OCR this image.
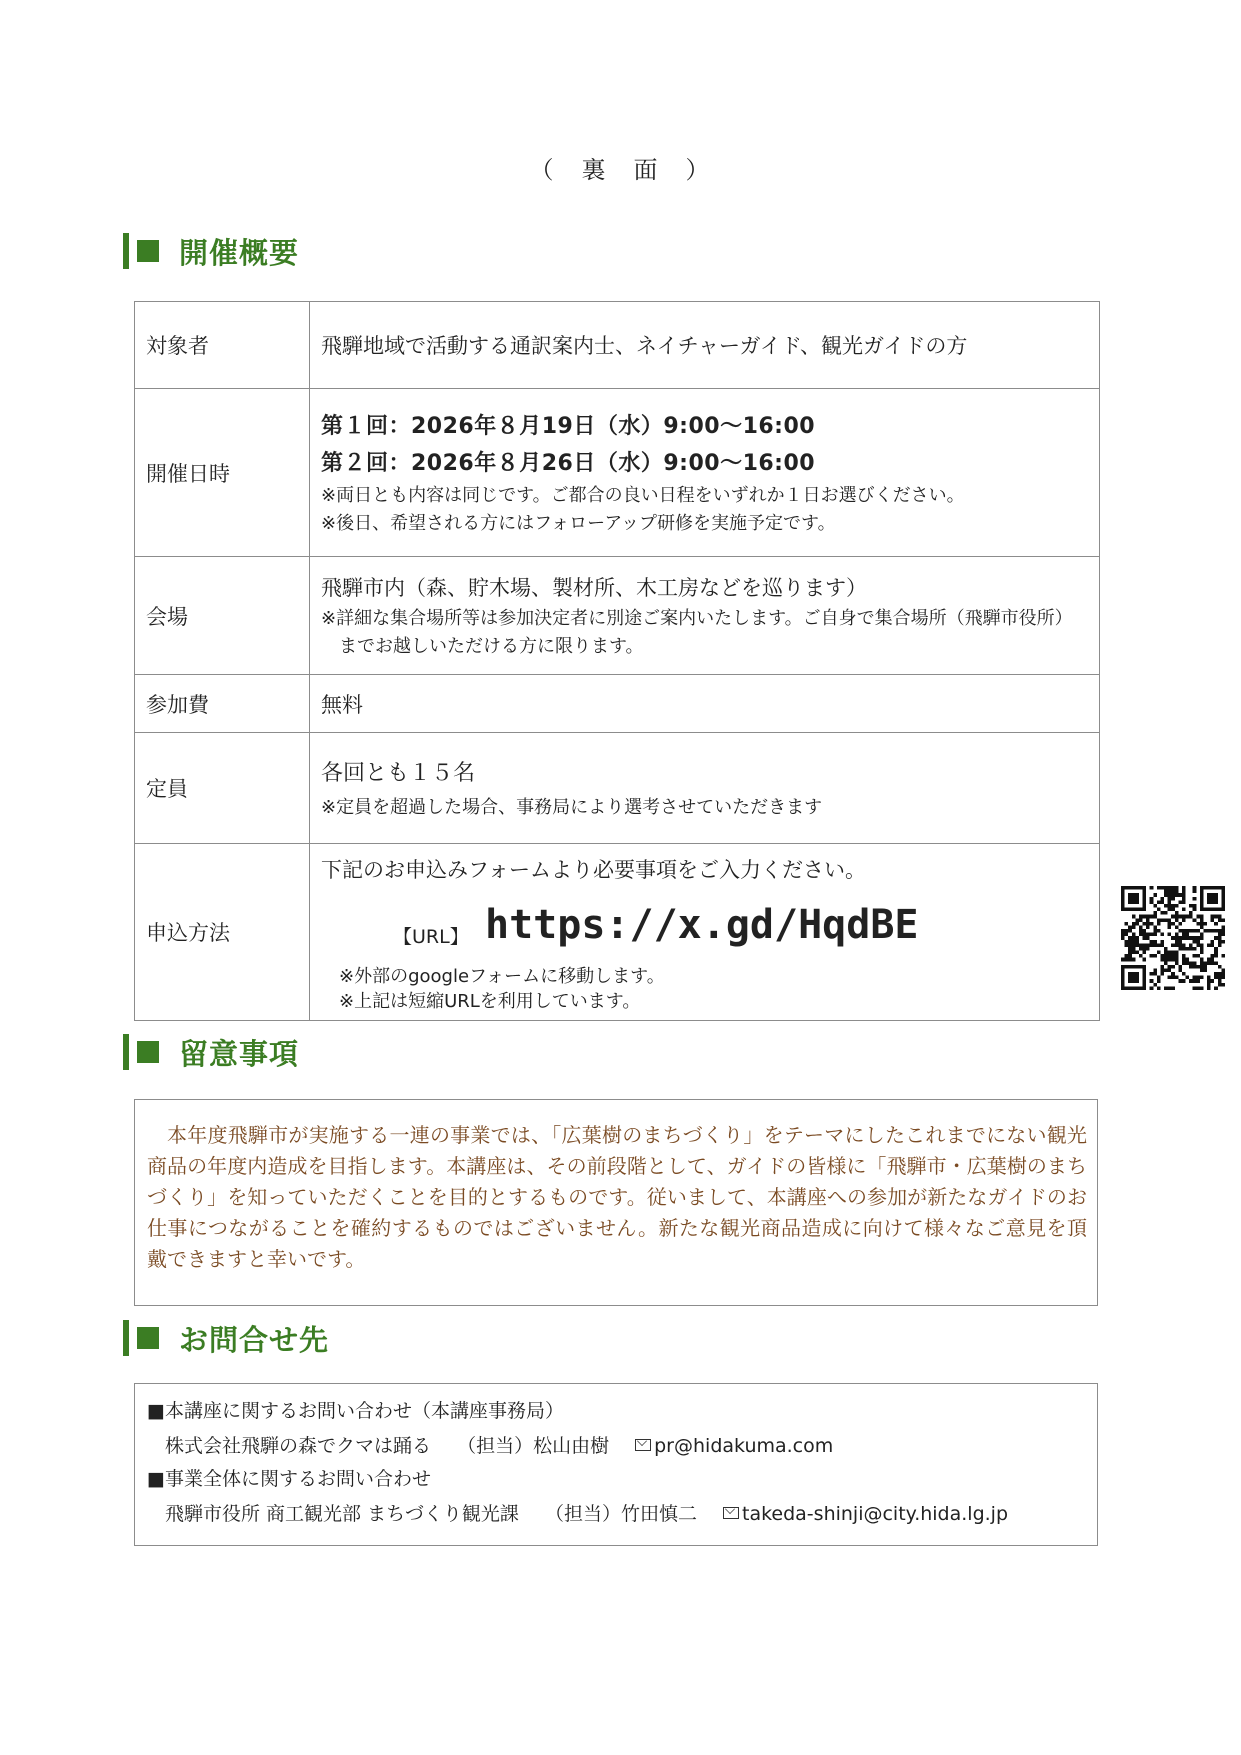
（　裏　面　）
開催概要
対象者	飛騨地域で活動する通訳案内士、ネイチャーガイド、観光ガイドの方
開催日時	第１回：2026年８月19日（水）9:00～16:00
第２回：2026年８月26日（水）9:00～16:00
※両日とも内容は同じです。ご都合の良い日程をいずれか１日お選びください。
※後日、希望される方にはフォローアップ研修を実施予定です。

会場	飛騨市内（森、貯木場、製材所、木工房などを巡ります）
※詳細な集合場所等は参加決定者に別途ご案内いたします。ご自身で集合場所（飛騨市役所）
までお越しいただける方に限ります。

参加費	無料
定員	各回とも１５名
※定員を超過した場合、事務局により選考させていただきます

申込方法	下記のお申込みフォームより必要事項をご入力ください。
【URL】 https://x.gd/HqdBE
※外部のgoogleフォームに移動します。
※上記は短縮URLを利用しています。
留意事項
本年度飛騨市が実施する一連の事業では、「広葉樹のまちづくり」をテーマにしたこれまでにない観光商品の年度内造成を目指します。本講座は、その前段階として、ガイドの皆様に「飛騨市・広葉樹のまちづくり」を知っていただくことを目的とするものです。従いまして、本講座への参加が新たなガイドのお仕事につながることを確約するものではございません。新たな観光商品造成に向けて様々なご意見を頂戴できますと幸いです。
お問合せ先
■本講座に関するお問い合わせ（本講座事務局）
株式会社飛騨の森でクマは踊る （担当）松山由樹 pr@hidakuma.com
■事業全体に関するお問い合わせ
飛騨市役所 商工観光部 まちづくり観光課 （担当）竹田慎二 takeda-shinji@city.hida.lg.jp
